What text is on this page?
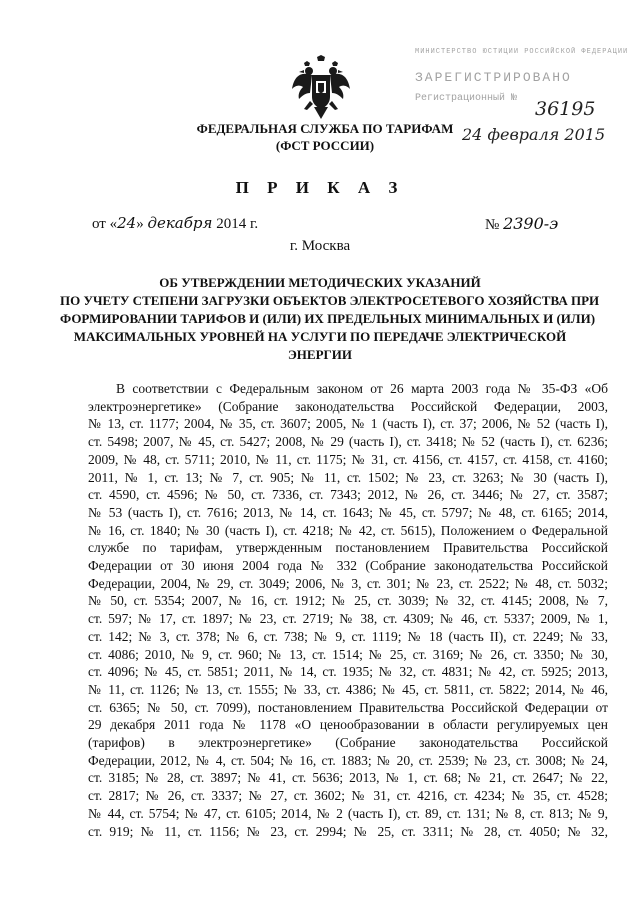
ФЕДЕРАЛЬНАЯ СЛУЖБА ПО ТАРИФАМ
(ФСТ РОССИИ)
МИНИСТЕРСТВО ЮСТИЦИИ РОССИЙСКОЙ ФЕДЕРАЦИИ
ЗАРЕГИСТРИРОВАНО
Регистрационный № 36195
24 февраля 2015
П Р И К А З
от «24» декабря 2014 г.	№ 2390-э
г. Москва
ОБ УТВЕРЖДЕНИИ МЕТОДИЧЕСКИХ УКАЗАНИЙ
ПО УЧЕТУ СТЕПЕНИ ЗАГРУЗКИ ОБЪЕКТОВ ЭЛЕКТРОСЕТЕВОГО ХОЗЯЙСТВА ПРИ
ФОРМИРОВАНИИ ТАРИФОВ И (ИЛИ) ИХ ПРЕДЕЛЬНЫХ МИНИМАЛЬНЫХ И (ИЛИ)
МАКСИМАЛЬНЫХ УРОВНЕЙ НА УСЛУГИ ПО ПЕРЕДАЧЕ ЭЛЕКТРИЧЕСКОЙ
ЭНЕРГИИ
В соответствии с Федеральным законом от 26 марта 2003 года № 35-ФЗ «Об
электроэнергетике» (Собрание законодательства Российской Федерации, 2003,
№ 13, ст. 1177; 2004, № 35, ст. 3607; 2005, № 1 (часть I), ст. 37; 2006, № 52 (часть I),
ст. 5498; 2007, № 45, ст. 5427; 2008, № 29 (часть I), ст. 3418; № 52 (часть I), ст. 6236;
2009, № 48, ст. 5711; 2010, № 11, ст. 1175; № 31, ст. 4156, ст. 4157, ст. 4158, ст. 4160;
2011, № 1, ст. 13; № 7, ст. 905; № 11, ст. 1502; № 23, ст. 3263; № 30 (часть I),
ст. 4590, ст. 4596; № 50, ст. 7336, ст. 7343; 2012, № 26, ст. 3446; № 27, ст. 3587;
№ 53 (часть I), ст. 7616; 2013, № 14, ст. 1643; № 45, ст. 5797; № 48, ст. 6165; 2014,
№ 16, ст. 1840; № 30 (часть I), ст. 4218; № 42, ст. 5615), Положением о Федеральной
службе по тарифам, утвержденным постановлением Правительства Российской
Федерации от 30 июня 2004 года № 332 (Собрание законодательства Российской
Федерации, 2004, № 29, ст. 3049; 2006, № 3, ст. 301; № 23, ст. 2522; № 48, ст. 5032;
№ 50, ст. 5354; 2007, № 16, ст. 1912; № 25, ст. 3039; № 32, ст. 4145; 2008, № 7,
ст. 597; № 17, ст. 1897; № 23, ст. 2719; № 38, ст. 4309; № 46, ст. 5337; 2009, № 1,
ст. 142; № 3, ст. 378; № 6, ст. 738; № 9, ст. 1119; № 18 (часть II), ст. 2249; № 33,
ст. 4086; 2010, № 9, ст. 960; № 13, ст. 1514; № 25, ст. 3169; № 26, ст. 3350; № 30,
ст. 4096; № 45, ст. 5851; 2011, № 14, ст. 1935; № 32, ст. 4831; № 42, ст. 5925; 2013,
№ 11, ст. 1126; № 13, ст. 1555; № 33, ст. 4386; № 45, ст. 5811, ст. 5822; 2014, № 46,
ст. 6365; № 50, ст. 7099), постановлением Правительства Российской Федерации от
29 декабря 2011 года № 1178 «О ценообразовании в области регулируемых цен
(тарифов) в электроэнергетике» (Собрание законодательства Российской
Федерации, 2012, № 4, ст. 504; № 16, ст. 1883; № 20, ст. 2539; № 23, ст. 3008; № 24,
ст. 3185; № 28, ст. 3897; № 41, ст. 5636; 2013, № 1, ст. 68; № 21, ст. 2647; № 22,
ст. 2817; № 26, ст. 3337; № 27, ст. 3602; № 31, ст. 4216, ст. 4234; № 35, ст. 4528;
№ 44, ст. 5754; № 47, ст. 6105; 2014, № 2 (часть I), ст. 89, ст. 131; № 8, ст. 813; № 9,
ст. 919; № 11, ст. 1156; № 23, ст. 2994; № 25, ст. 3311; № 28, ст. 4050; № 32,
